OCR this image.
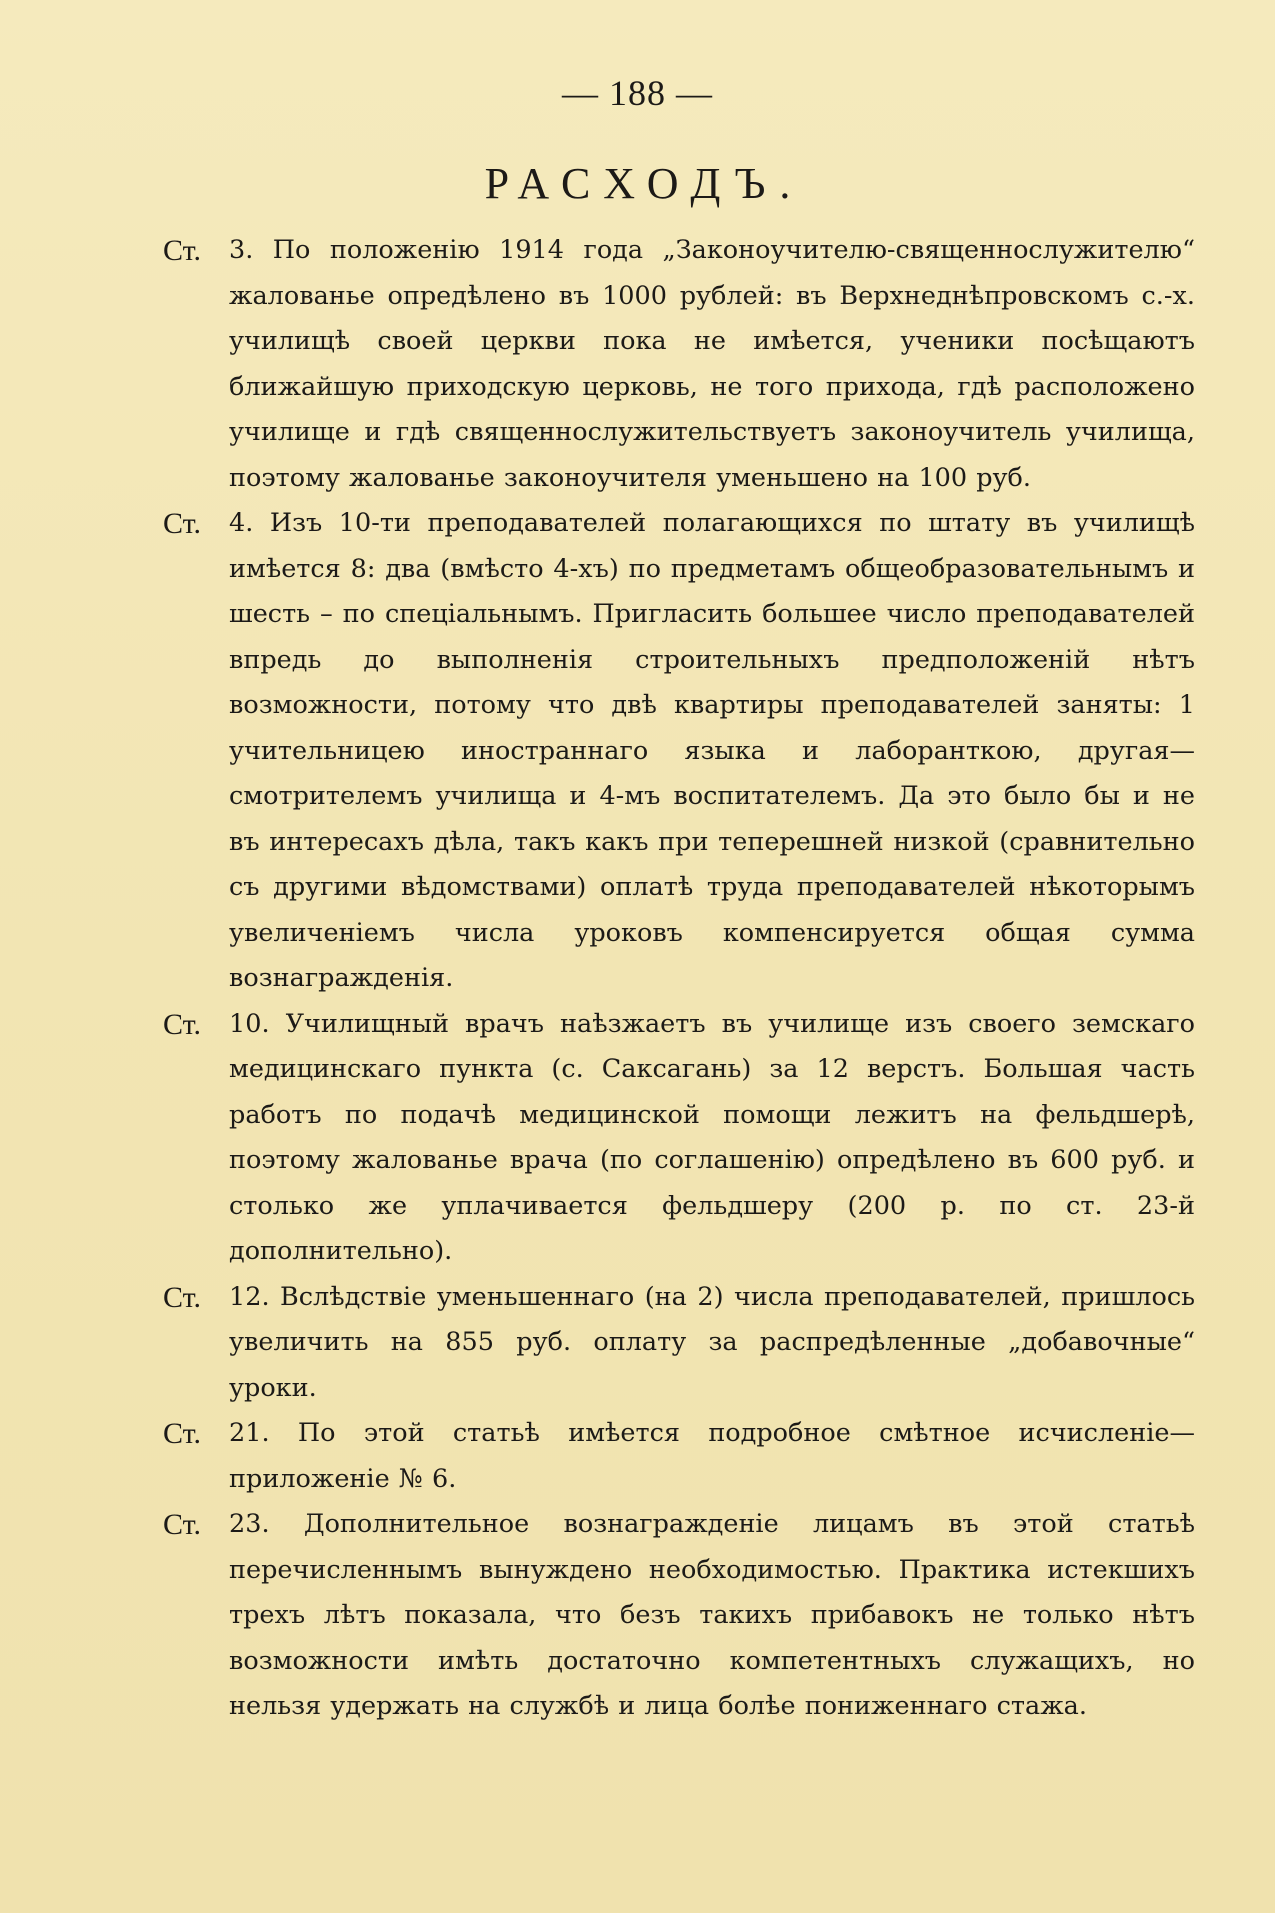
— 188 —
РАСХОДЪ.
Ст.	3. По положенію 1914 года „Законоучителю-священнослужителю“ жалованье опредѣлено въ 1000 рублей: въ Верхнеднѣпровскомъ с.-х. училищѣ своей церкви пока не имѣется, ученики посѣщаютъ ближайшую приходскую церковь, не того прихода, гдѣ расположено училище и гдѣ священнослужительствуетъ законоучитель училища, поэтому жалованье законоучителя уменьшено на 100 руб.
Ст.	4. Изъ 10-ти преподавателей полагающихся по штату въ училищѣ имѣется 8: два (вмѣсто 4-хъ) по предметамъ общеобразовательнымъ и шесть – по спеціальнымъ. Пригласить большее число преподавателей впредь до выполненія строительныхъ предположеній нѣтъ возможности, потому что двѣ квартиры преподавателей заняты: 1 учительницею иностраннаго языка и лаборанткою, другая—смотрителемъ училища и 4-мъ воспитателемъ. Да это было бы и не въ интересахъ дѣла, такъ какъ при теперешней низкой (сравнительно съ другими вѣдомствами) оплатѣ труда преподавателей нѣкоторымъ увеличеніемъ числа уроковъ компенсируется общая сумма вознагражденія.
Ст.	10. Училищный врачъ наѣзжаетъ въ училище изъ своего земскаго медицинскаго пункта (с. Саксагань) за 12 верстъ. Большая часть работъ по подачѣ медицинской помощи лежитъ на фельдшерѣ, поэтому жалованье врача (по соглашенію) опредѣлено въ 600 руб. и столько же уплачивается фельдшеру (200 р. по ст. 23-й дополнительно).
Ст.	12. Вслѣдствіе уменьшеннаго (на 2) числа преподавателей, пришлось увеличить на 855 руб. оплату за распредѣленные „добавочные“ уроки.
Ст.	21. По этой статьѣ имѣется подробное смѣтное исчисленіе—приложеніе № 6.
Ст.	23. Дополнительное вознагражденіе лицамъ въ этой статьѣ перечисленнымъ вынуждено необходимостью. Практика истекшихъ трехъ лѣтъ показала, что безъ такихъ прибавокъ не только нѣтъ возможности имѣть достаточно компетентныхъ служащихъ, но нельзя удержать на службѣ и лица болѣе пониженнаго стажа.
